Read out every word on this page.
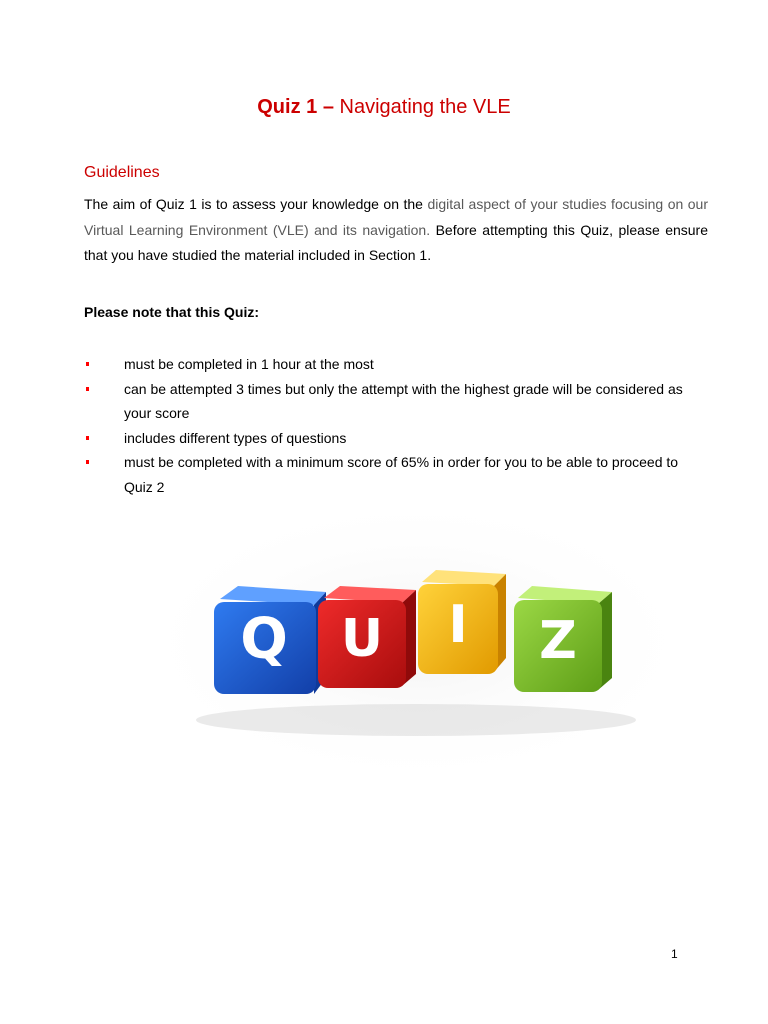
Quiz 1 – Navigating the VLE
Guidelines

The aim of Quiz 1 is to assess your knowledge on the digital aspect of your studies focusing on our Virtual Learning Environment (VLE) and its navigation. Before attempting this Quiz, please ensure that you have studied the material included in Section 1.

Please note that this Quiz:

must be completed in 1 hour at the most
can be attempted 3 times but only the attempt with the highest grade will be considered as your score
includes different types of questions
must be completed with a minimum score of 65% in order for you to be able to proceed to Quiz 2
Q U I Z

1
